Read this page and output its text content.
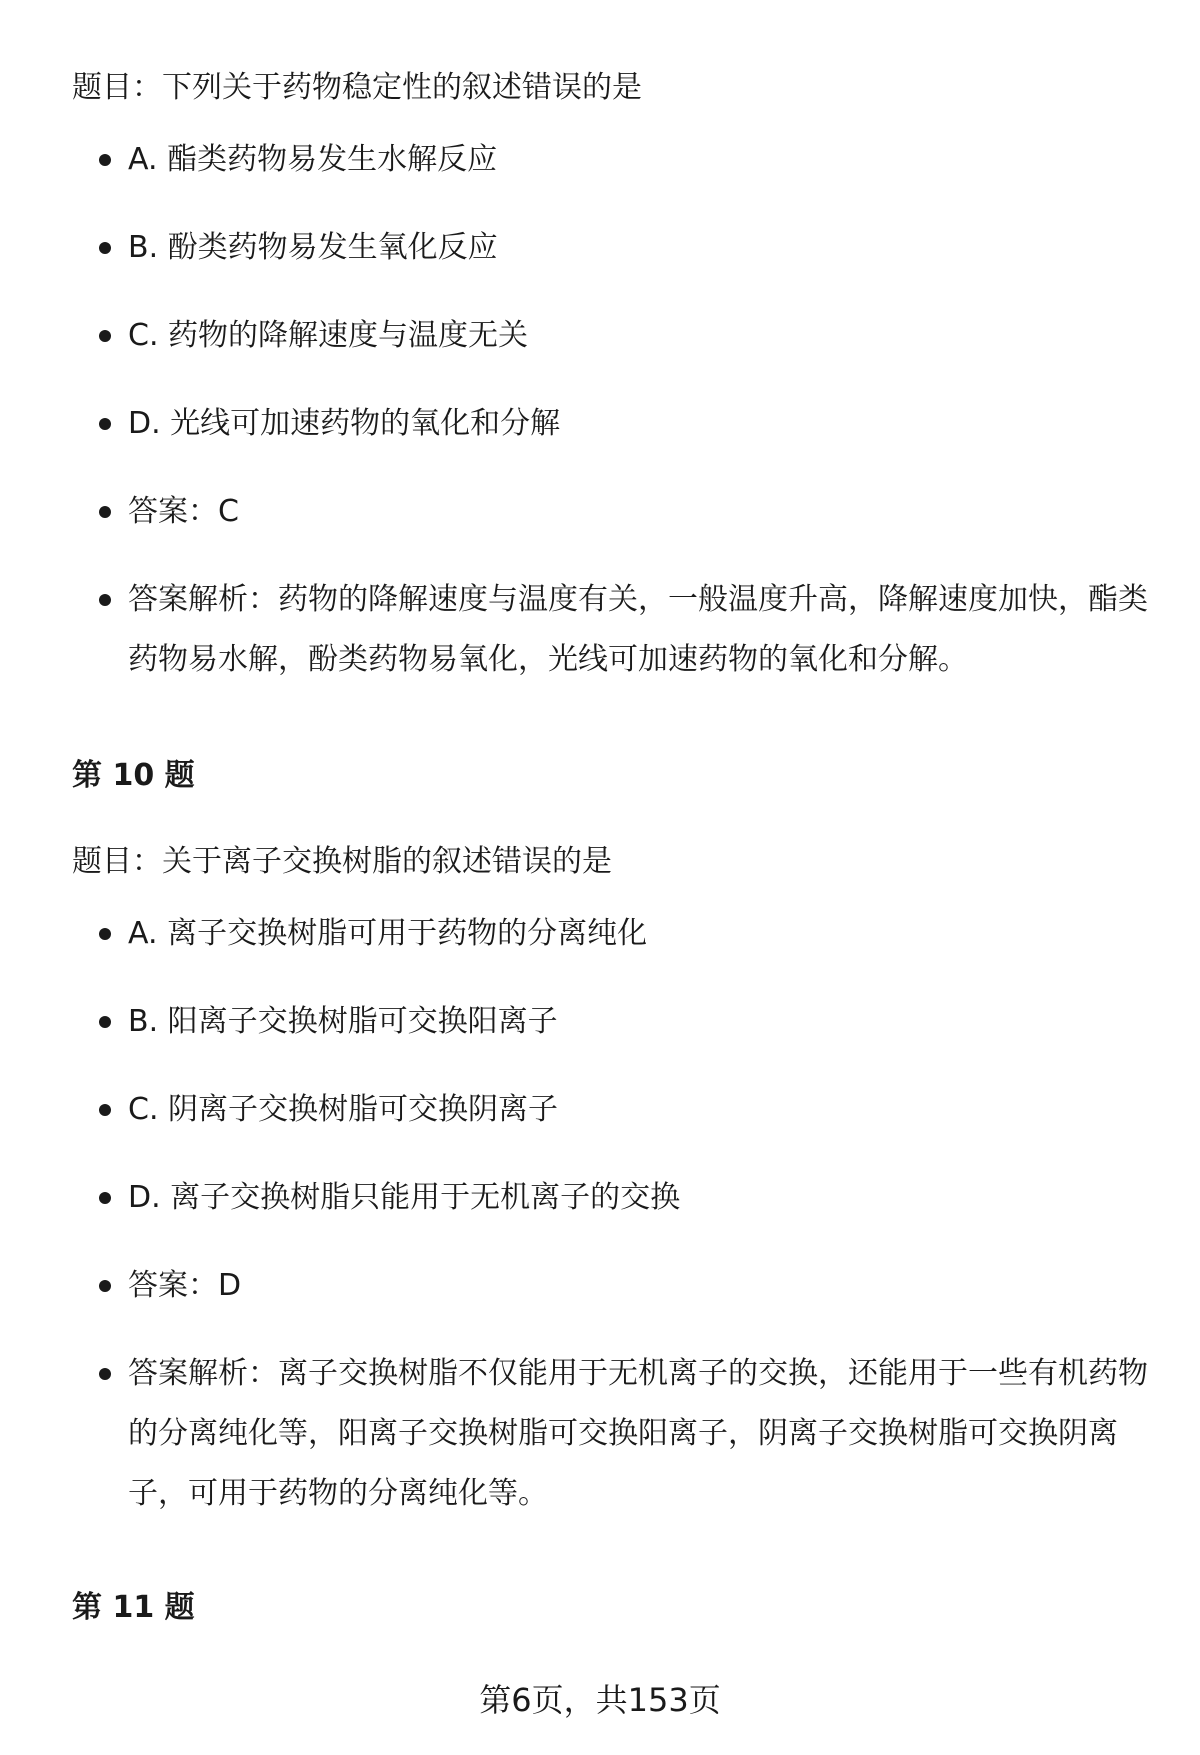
题目：下列关于药物稳定性的叙述错误的是

A. 酯类药物易发生水解反应
B. 酚类药物易发生氧化反应
C. 药物的降解速度与温度无关
D. 光线可加速药物的氧化和分解
答案：C
答案解析：药物的降解速度与温度有关，一般温度升高，降解速度加快，酯类药物易水解，酚类药物易氧化，光线可加速药物的氧化和分解。

第 10 题

题目：关于离子交换树脂的叙述错误的是

A. 离子交换树脂可用于药物的分离纯化
B. 阳离子交换树脂可交换阳离子
C. 阴离子交换树脂可交换阴离子
D. 离子交换树脂只能用于无机离子的交换
答案：D
答案解析：离子交换树脂不仅能用于无机离子的交换，还能用于一些有机药物的分离纯化等，阳离子交换树脂可交换阳离子，阴离子交换树脂可交换阴离子，可用于药物的分离纯化等。

第 11 题

第6页，共153页
